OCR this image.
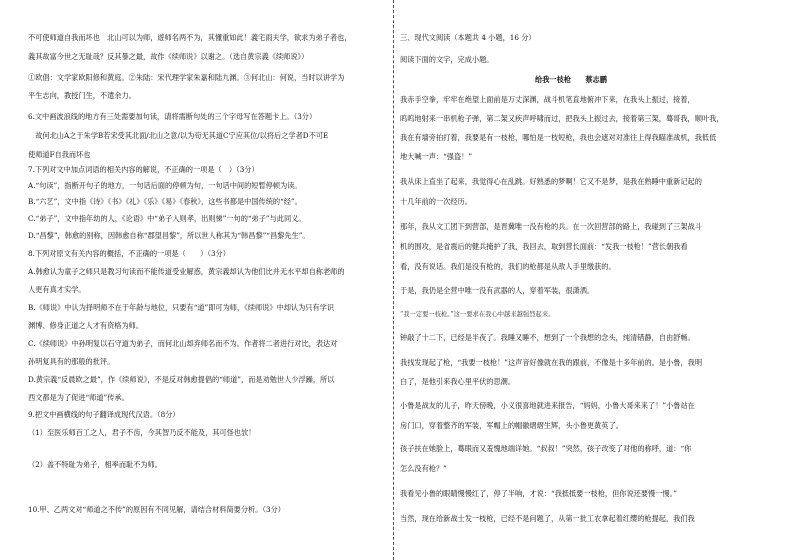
不可使师道自我而坏也　北山可以为师，遊师名两不为，其懂重如此！義宅雨夫学，欲求为弟子者也，
義其故富今世之无耻哉？反其暴之最，故作《续师说》以谢之。（选自黄宗義《续师说》）
①欧倡：文学家欧阳修和黄庭。②朱陆：宋代理学家朱嘉和陆九渊。③何北山：何说，当时以讲学为
平生志向，教授门生，不遣余力。
6.文中画波浪线的地方有三处需要加句读，请将需断句处的三个字母写在答题卡上。（3分）
　故何北山A之于朱学B若宋受其北面/北山之意/以为茍无其道C宁应其位/以将后之学者D不可E
使师道F自我而坏也
7.下列对文中加点词语的相关内容的解说，不正确的一项是（　）（3分）
A.“句读”，指断开句子的地方，一句话后面的停顿为句，一句话中间的短暂停顿为读。
B.“六艺”，文中指《诗》《书》《礼》《乐》《易》《春秋》，这些书都是中国传统的“经”。
C.“弟子”，文中指年幼的人，《论语》中“弟子入则孝，出则悌”一句的“弟子”与此同义。
D.“昌黎”，韩愈的别称，因韩愈自称“郡望昌黎”，所以世人称其为“韩昌黎”“昌黎先生”。
8.下列对原文有关内容的概括，不正确的一项是（　　）（3分）
A.韩愈认为童子之师只是教习句读而不能传道受业解惑，黄宗義却认为他们比并无水平却自称老师的
人更有真才实学。
B.《师说》中认为择明师不在于年龄与地位，只要有“道”即可为师，《续师说》中却认为只有学识
渊博、修身正道之人才有资格为师。
C.《续师说》中孙明复以石守道为弟子，而何北山却弃师名而不为。作者将二者进行对比，表达对
孙明复具有的那般的批评。
D.黄宗義“反晨欧之最”，作《续师说》，不是反对韩愈提倡的“师道”，而是劝勉世人少浮躁，所以
西文都是为了促进“师道”传承。
9.把文中画横线的句子翻译成现代汉语。（8分）
（1）至医乐师百工之人，君子不齿，今其智乃反不能及，其可怪也欤！
（2）盖不特耻为弟子，相率而耻不为师。
10.甲、乙两文对“师道之不传”的原因有不同见解，请结合材料简要分析。（3分）
三、现代文阅读（本题共 4 小题，16 分）
阅读下面的文字，完成小题。
给我一枝枪　　蔡志鹏
我赤手空拳，牢牢在绝望上面前是万丈深渊，战斗机笔直地俯冲下来，在我头上振过，接着，
呜呜地射来一串机枪子弹，第二架又疾声呼啸而过，把我头上振过去，接着第三架，蓦哥我，顺叶我，
我在有墙旁拍打着，我要是有一枝枪，哪怕是一枝短枪，我也会遮对对准往上得我瞄准战机，我低低
地大喊一声：“强盗！”
我从床上直坐了起来，我觉得心在乱跳。好熟悉的梦啊！它又不是梦，是我在熟睡中重新记起的
十几年前的一次经历。
那年，我从文工团下到营部，是晋冀唯一没有枪的兵。在一次回营部的路上，我碰到了三架战斗
机的围攻，是省震后的健兵掩护了我，我回去，取到营长面前：“发我一枝枪！”营长朝我看
看，没有说话。我们是没有枪的，我们的枪都是从敌人手里缴获的。
于是，我仍是全营中唯一没有武器的人，穿着军装，很潇洒。
“我一定要一枝枪。”这一要求在我心中越来越强烈起来。
钟敲了十二下，已经是半夜了。我睡又睡不，想到了一个我想的念头，纯清错静，自由舒畅。
我找发现起了枪，“我要一枝枪！”这声音好像就在我的跟前，不像是十多年前的。是小鲁，我明
白了，是他引来我心里平伏的思潮。
小鲁是战友的儿子，昨天傍晚，小义很喜地就进来报告，“妈妈，小鲁大哥来来了！”小鲁站在
房门口，穿着整齐的军装，军帽上的帽徽熠熠生辉，头小鲁更黄英了。
孩子扶在她脸上，蓦眼而又羞愧地端详她。“叔叔！”突然，孩子改变了对他的称呼，道：“你
怎么没有枪？”
我看见小鲁的眼睛慢慢红了，停了半响，才说：“我抵抵要一枝枪，但你说还要慢一慢。”
当然，现在给新战士发一枝枪，已经不是问题了，从第一批工农拿起着红缨的枪提起，我们我
